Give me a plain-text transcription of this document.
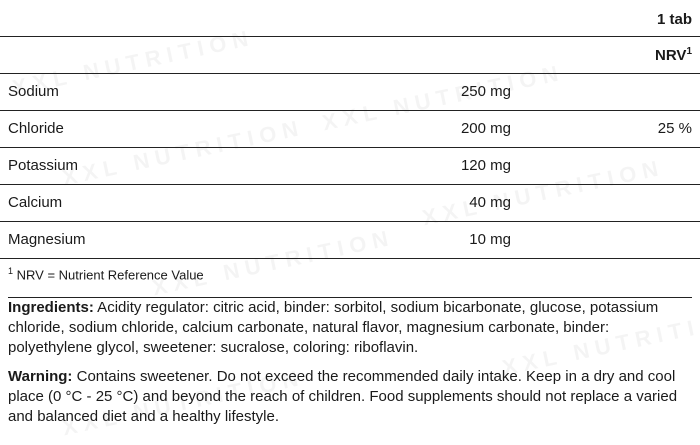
1 tab
NRV$^1$
Sodium	250 mg
Chloride	200 mg	25 %
Potassium	120 mg
Calcium	40 mg
Magnesium	10 mg
$^1$ NRV = Nutrient Reference Value
Ingredients: Acidity regulator: citric acid, binder: sorbitol, sodium bicarbonate, glucose, potassium chloride, sodium chloride, calcium carbonate, natural flavor, magnesium carbonate, binder: polyethylene glycol, sweetener: sucralose, coloring: riboflavin.
Warning: Contains sweetener. Do not exceed the recommended daily intake. Keep in a dry and cool place (0 °C - 25 °C) and beyond the reach of children. Food supplements should not replace a varied and balanced diet and a healthy lifestyle.
